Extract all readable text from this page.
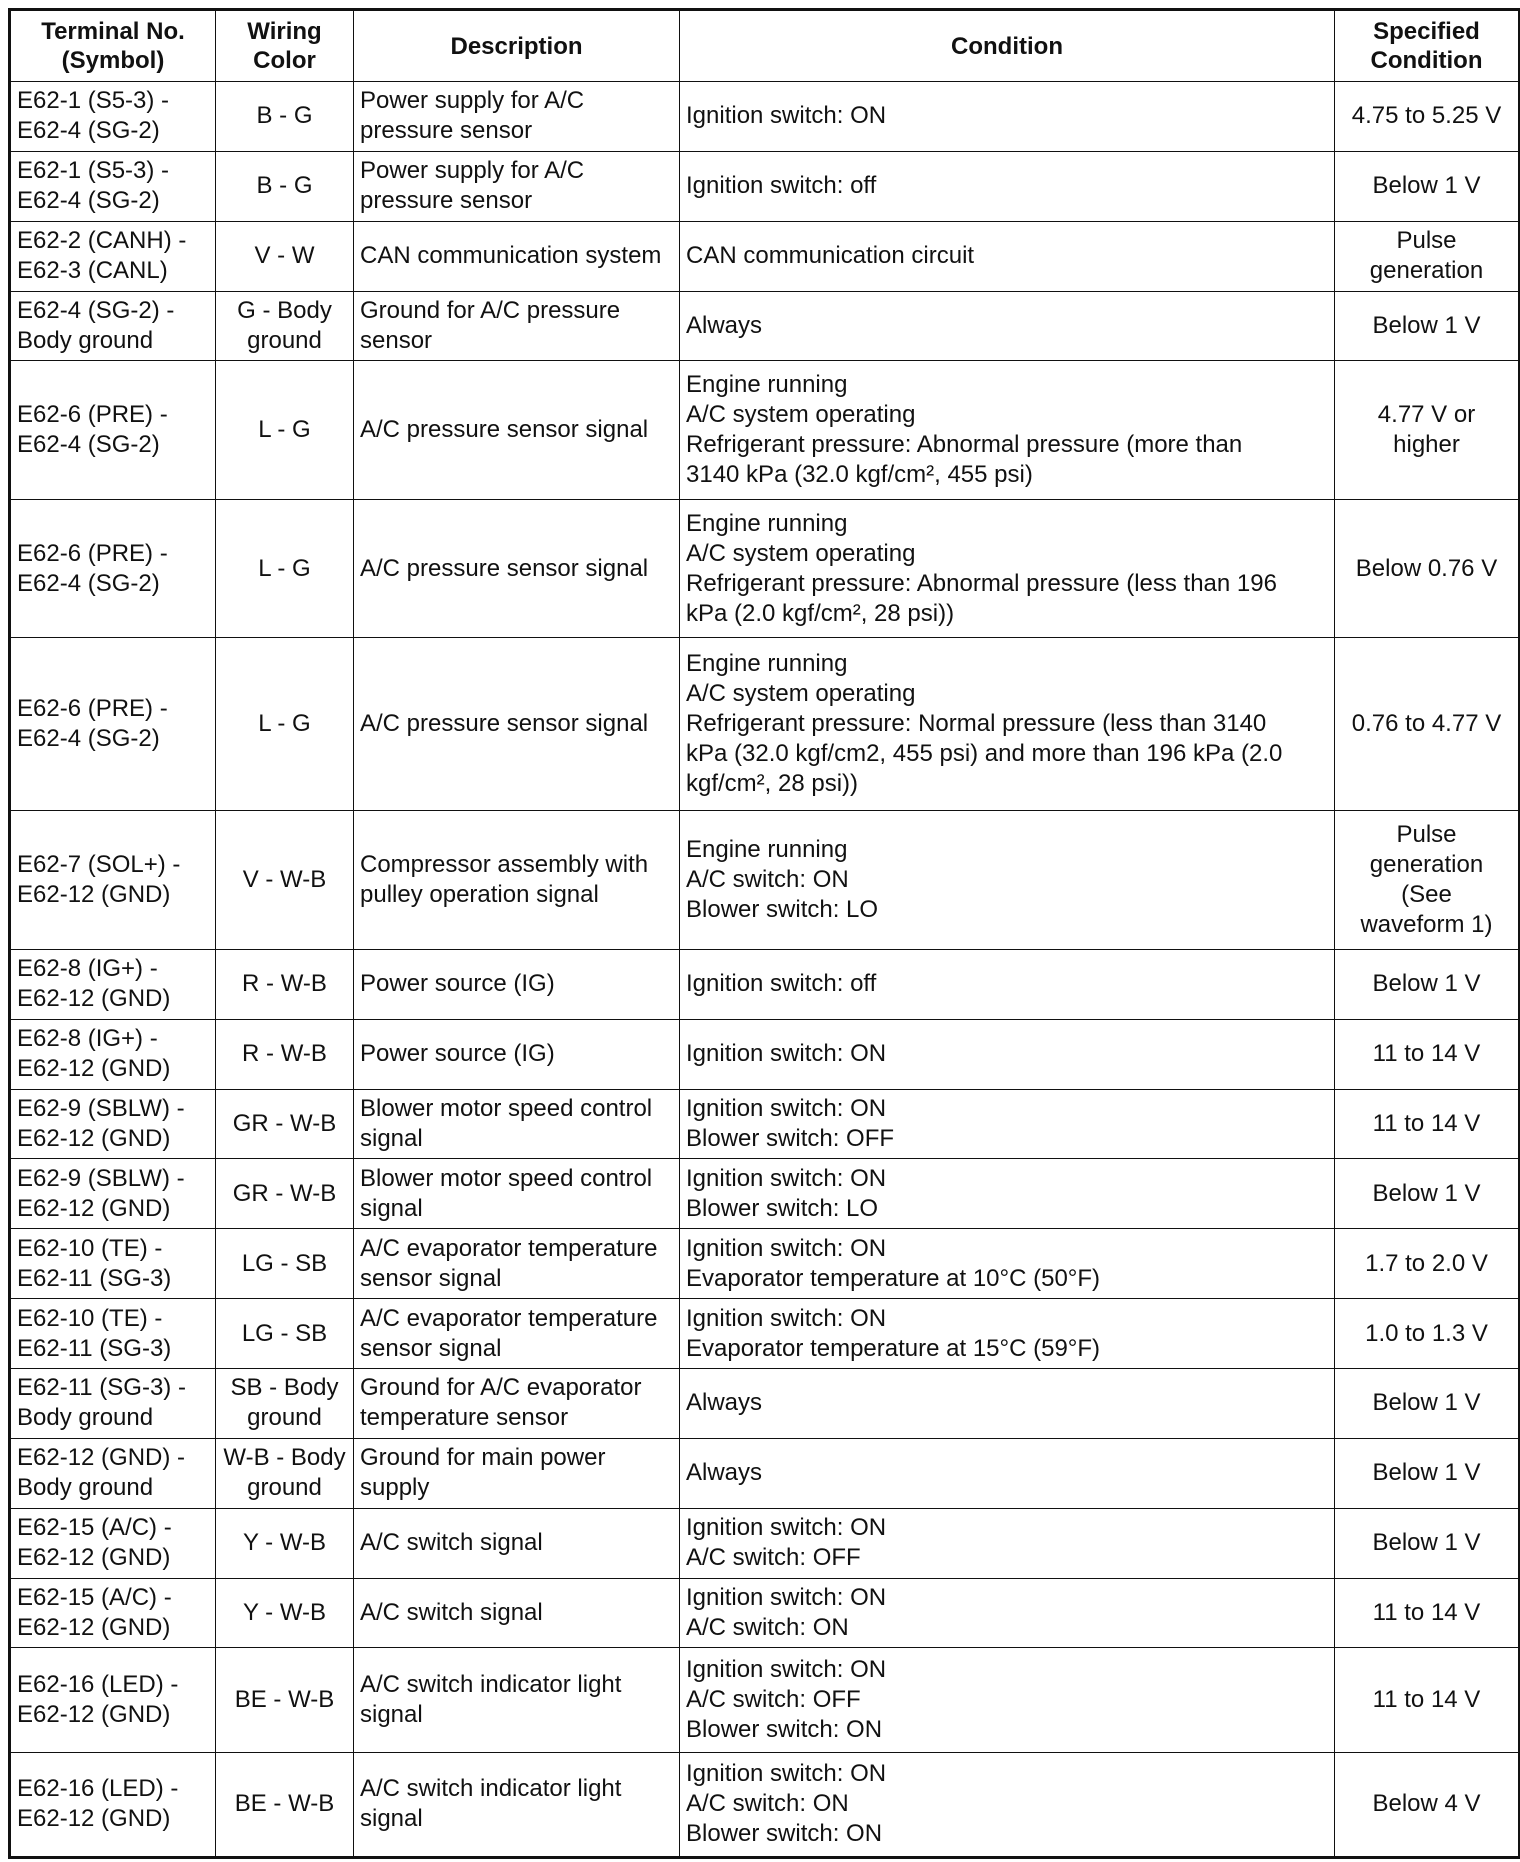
Terminal No.
(Symbol)	Wiring
Color	Description	Condition	Specified
Condition

E62-1 (S5-3) -
E62-4 (SG-2)	B - G	Power supply for A/C
pressure sensor	Ignition switch: ON	4.75 to 5.25 V

E62-1 (S5-3) -
E62-4 (SG-2)	B - G	Power supply for A/C
pressure sensor	Ignition switch: off	Below 1 V

E62-2 (CANH) -
E62-3 (CANL)	V - W	CAN communication system	CAN communication circuit	Pulse
generation

E62-4 (SG-2) -
Body ground	G - Body
ground	Ground for A/C pressure
sensor	Always	Below 1 V

E62-6 (PRE) -
E62-4 (SG-2)	L - G	A/C pressure sensor signal	Engine running
A/C system operating
Refrigerant pressure: Abnormal pressure (more than
3140 kPa (32.0 kgf/cm², 455 psi)	4.77 V or
higher

E62-6 (PRE) -
E62-4 (SG-2)	L - G	A/C pressure sensor signal	Engine running
A/C system operating
Refrigerant pressure: Abnormal pressure (less than 196
kPa (2.0 kgf/cm², 28 psi))	Below 0.76 V

E62-6 (PRE) -
E62-4 (SG-2)	L - G	A/C pressure sensor signal	Engine running
A/C system operating
Refrigerant pressure: Normal pressure (less than 3140
kPa (32.0 kgf/cm2, 455 psi) and more than 196 kPa (2.0
kgf/cm², 28 psi))	0.76 to 4.77 V

E62-7 (SOL+) -
E62-12 (GND)	V - W-B	Compressor assembly with
pulley operation signal	Engine running
A/C switch: ON
Blower switch: LO	Pulse
generation
(See
waveform 1)

E62-8 (IG+) -
E62-12 (GND)	R - W-B	Power source (IG)	Ignition switch: off	Below 1 V

E62-8 (IG+) -
E62-12 (GND)	R - W-B	Power source (IG)	Ignition switch: ON	11 to 14 V

E62-9 (SBLW) -
E62-12 (GND)	GR - W-B	Blower motor speed control
signal	Ignition switch: ON
Blower switch: OFF	11 to 14 V

E62-9 (SBLW) -
E62-12 (GND)	GR - W-B	Blower motor speed control
signal	Ignition switch: ON
Blower switch: LO	Below 1 V

E62-10 (TE) -
E62-11 (SG-3)	LG - SB	A/C evaporator temperature
sensor signal	Ignition switch: ON
Evaporator temperature at 10°C (50°F)	1.7 to 2.0 V

E62-10 (TE) -
E62-11 (SG-3)	LG - SB	A/C evaporator temperature
sensor signal	Ignition switch: ON
Evaporator temperature at 15°C (59°F)	1.0 to 1.3 V

E62-11 (SG-3) -
Body ground	SB - Body
ground	Ground for A/C evaporator
temperature sensor	Always	Below 1 V

E62-12 (GND) -
Body ground	W-B - Body
ground	Ground for main power
supply	Always	Below 1 V

E62-15 (A/C) -
E62-12 (GND)	Y - W-B	A/C switch signal	Ignition switch: ON
A/C switch: OFF	Below 1 V

E62-15 (A/C) -
E62-12 (GND)	Y - W-B	A/C switch signal	Ignition switch: ON
A/C switch: ON	11 to 14 V

E62-16 (LED) -
E62-12 (GND)	BE - W-B	A/C switch indicator light
signal	Ignition switch: ON
A/C switch: OFF
Blower switch: ON	11 to 14 V

E62-16 (LED) -
E62-12 (GND)	BE - W-B	A/C switch indicator light
signal	Ignition switch: ON
A/C switch: ON
Blower switch: ON	Below 4 V
